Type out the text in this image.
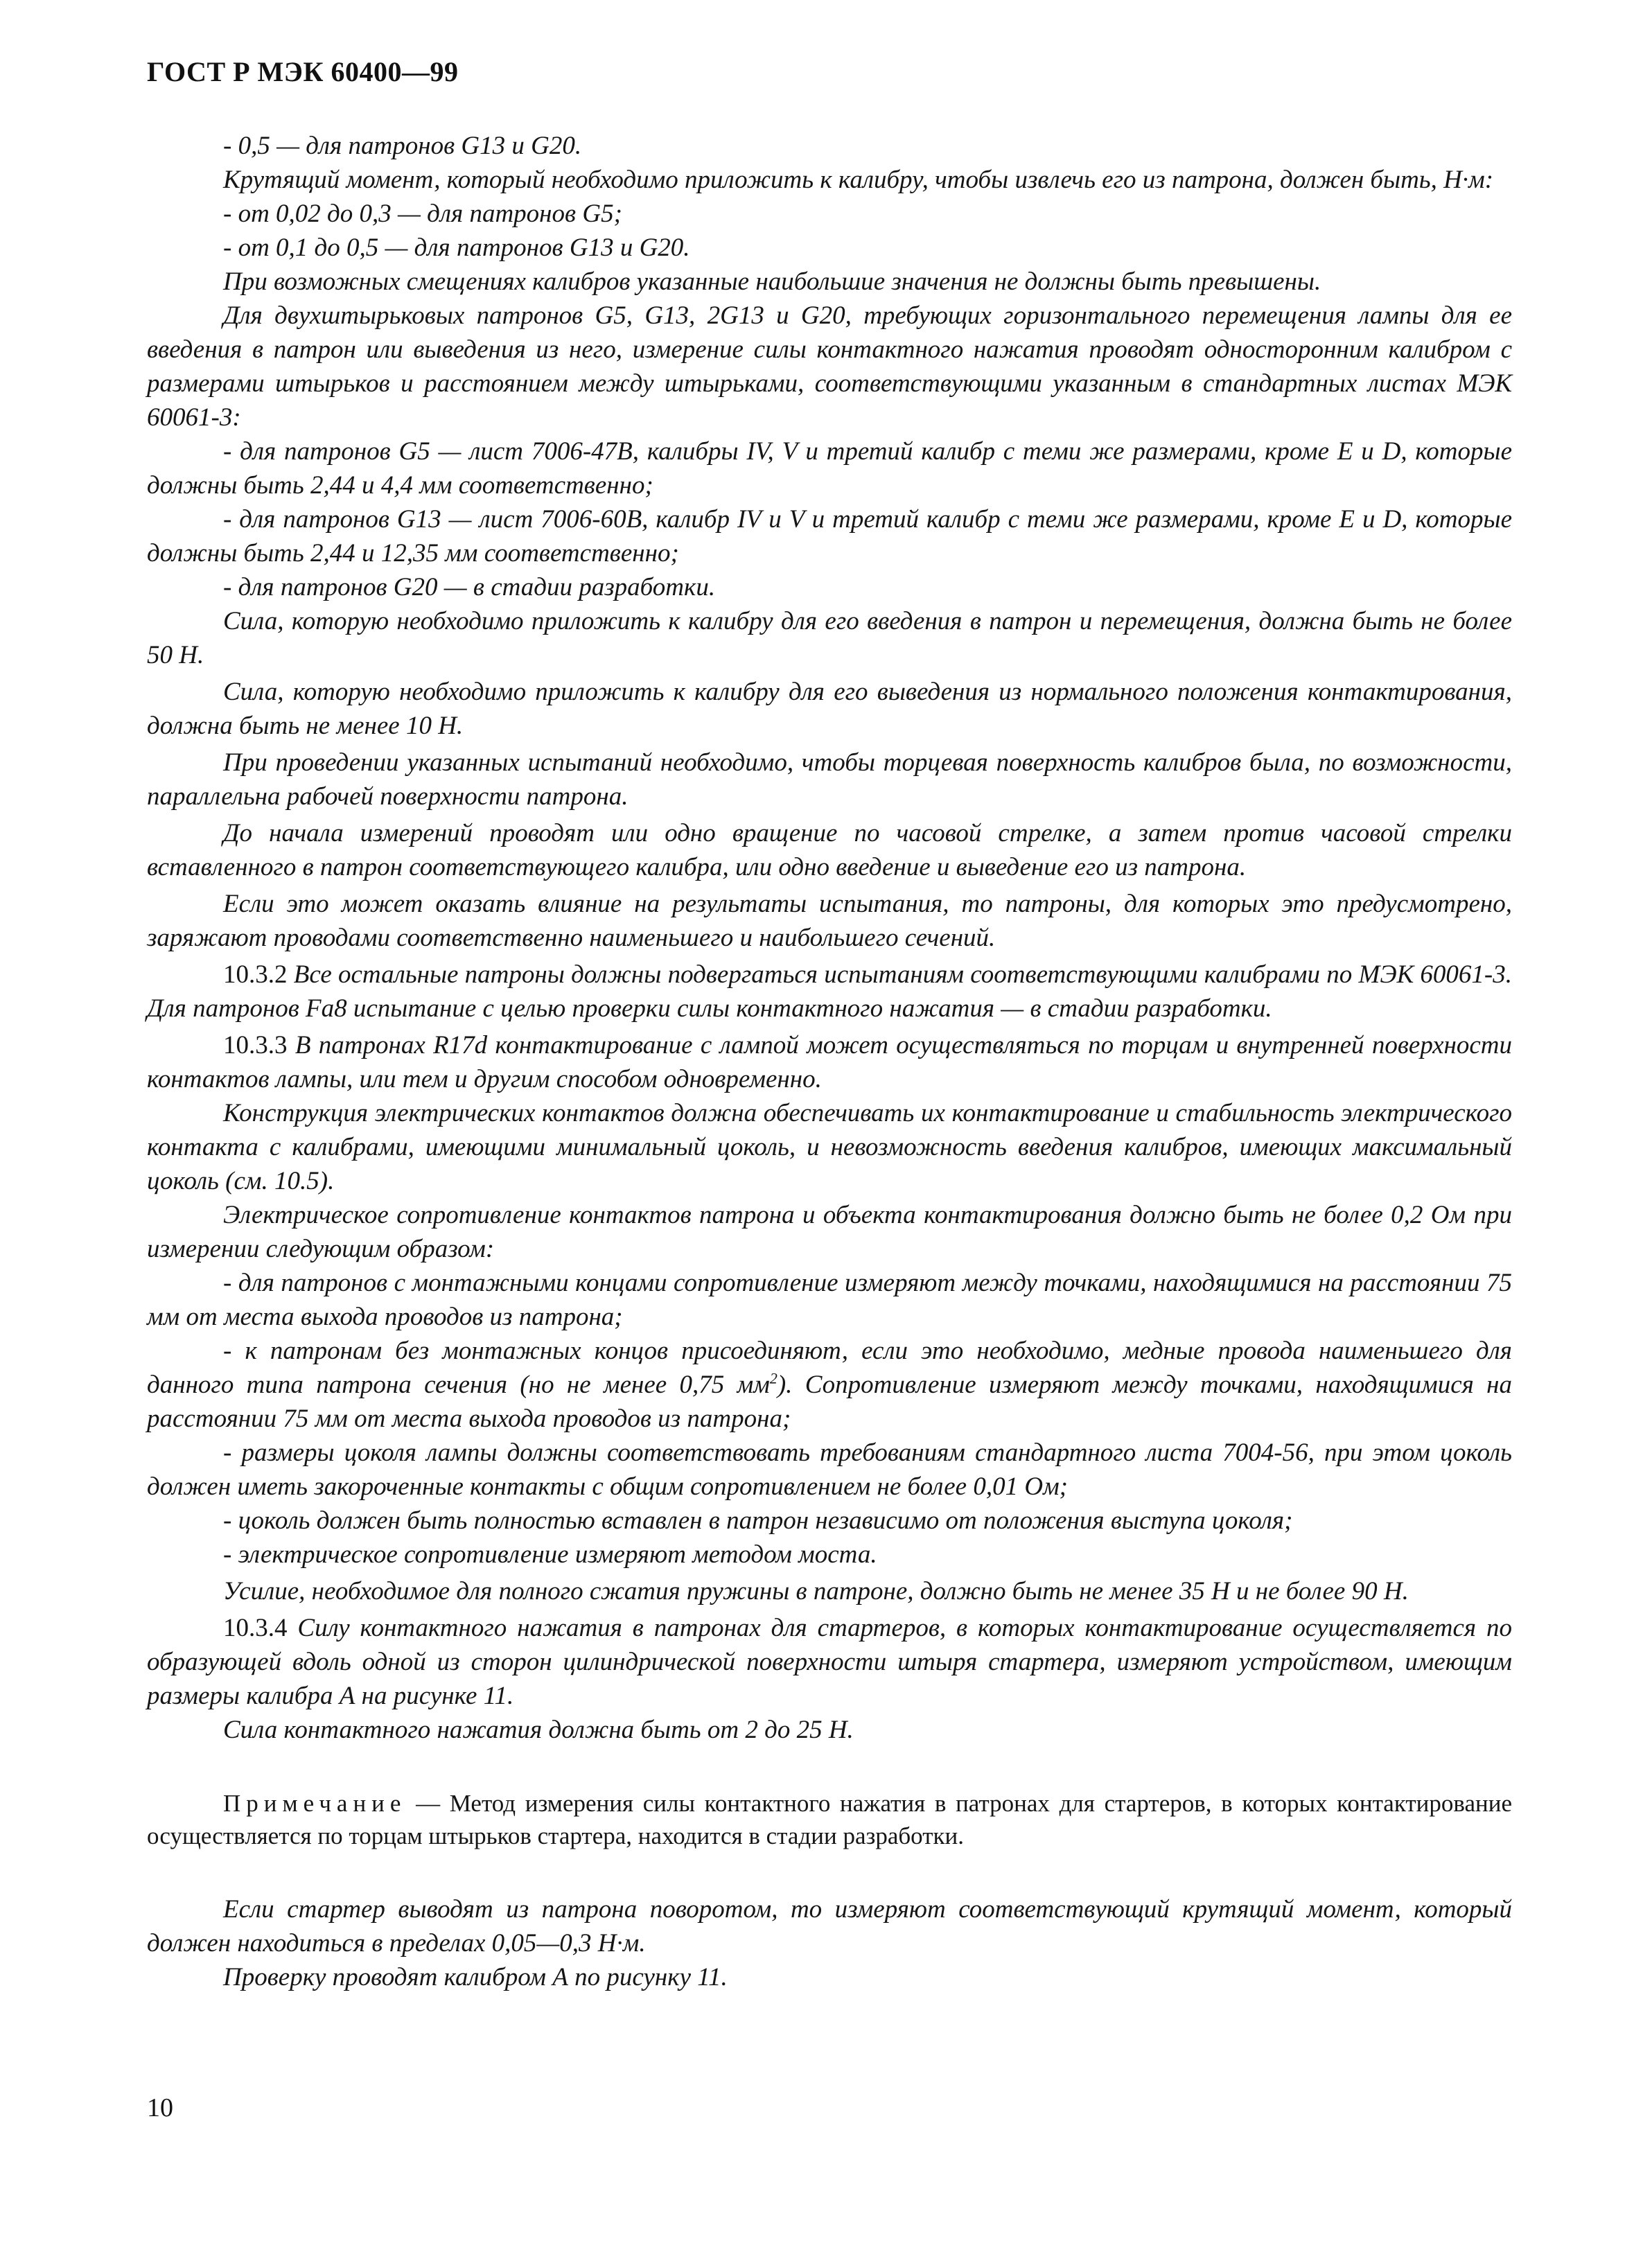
ГОСТ Р МЭК 60400—99

- 0,5 — для патронов G13 и G20.

Крутящий момент, который необходимо приложить к калибру, чтобы извлечь его из патрона, должен быть, Н·м:

- от 0,02 до 0,3 — для патронов G5;

- от 0,1 до 0,5 — для патронов G13 и G20.

При возможных смещениях калибров указанные наибольшие значения не должны быть превышены.

Для двухштырьковых патронов G5, G13, 2G13 и G20, требующих горизонтального перемещения лампы для ее введения в патрон или выведения из него, измерение силы контактного нажатия проводят односторонним калибром с размерами штырьков и расстоянием между штырьками, соответствующими указанным в стандартных листах МЭК 60061-3:

- для патронов G5 — лист 7006-47B, калибры IV, V и третий калибр с теми же размерами, кроме E и D, которые должны быть 2,44 и 4,4 мм соответственно;

- для патронов G13 — лист 7006-60B, калибр IV и V и третий калибр с теми же размерами, кроме E и D, которые должны быть 2,44 и 12,35 мм соответственно;

- для патронов G20 — в стадии разработки.

Сила, которую необходимо приложить к калибру для его введения в патрон и перемещения, должна быть не более 50 Н.

Сила, которую необходимо приложить к калибру для его выведения из нормального положения контактирования, должна быть не менее 10 Н.

При проведении указанных испытаний необходимо, чтобы торцевая поверхность калибров была, по возможности, параллельна рабочей поверхности патрона.

До начала измерений проводят или одно вращение по часовой стрелке, а затем против часовой стрелки вставленного в патрон соответствующего калибра, или одно введение и выведение его из патрона.

Если это может оказать влияние на результаты испытания, то патроны, для которых это предусмотрено, заряжают проводами соответственно наименьшего и наибольшего сечений.

10.3.2 Все остальные патроны должны подвергаться испытаниям соответствующими калибрами по МЭК 60061-3. Для патронов Fa8 испытание с целью проверки силы контактного нажатия — в стадии разработки.

10.3.3 В патронах R17d контактирование с лампой может осуществляться по торцам и внутренней поверхности контактов лампы, или тем и другим способом одновременно.

Конструкция электрических контактов должна обеспечивать их контактирование и стабильность электрического контакта с калибрами, имеющими минимальный цоколь, и невозможность введения калибров, имеющих максимальный цоколь (см. 10.5).

Электрическое сопротивление контактов патрона и объекта контактирования должно быть не более 0,2 Ом при измерении следующим образом:

- для патронов с монтажными концами сопротивление измеряют между точками, находящимися на расстоянии 75 мм от места выхода проводов из патрона;

- к патронам без монтажных концов присоединяют, если это необходимо, медные провода наименьшего для данного типа патрона сечения (но не менее 0,75 $мм^2$). Сопротивление измеряют между точками, находящимися на расстоянии 75 мм от места выхода проводов из патрона;

- размеры цоколя лампы должны соответствовать требованиям стандартного листа 7004-56, при этом цоколь должен иметь закороченные контакты с общим сопротивлением не более 0,01 Ом;

- цоколь должен быть полностью вставлен в патрон независимо от положения выступа цоколя;

- электрическое сопротивление измеряют методом моста.

Усилие, необходимое для полного сжатия пружины в патроне, должно быть не менее 35 Н и не более 90 Н.

10.3.4 Силу контактного нажатия в патронах для стартеров, в которых контактирование осуществляется по образующей вдоль одной из сторон цилиндрической поверхности штыря стартера, измеряют устройством, имеющим размеры калибра А на рисунке 11.

Сила контактного нажатия должна быть от 2 до 25 Н.

Примечание — Метод измерения силы контактного нажатия в патронах для стартеров, в которых контактирование осуществляется по торцам штырьков стартера, находится в стадии разработки.

Если стартер выводят из патрона поворотом, то измеряют соответствующий крутящий момент, который должен находиться в пределах 0,05—0,3 Н·м.

Проверку проводят калибром А по рисунку 11.

10
